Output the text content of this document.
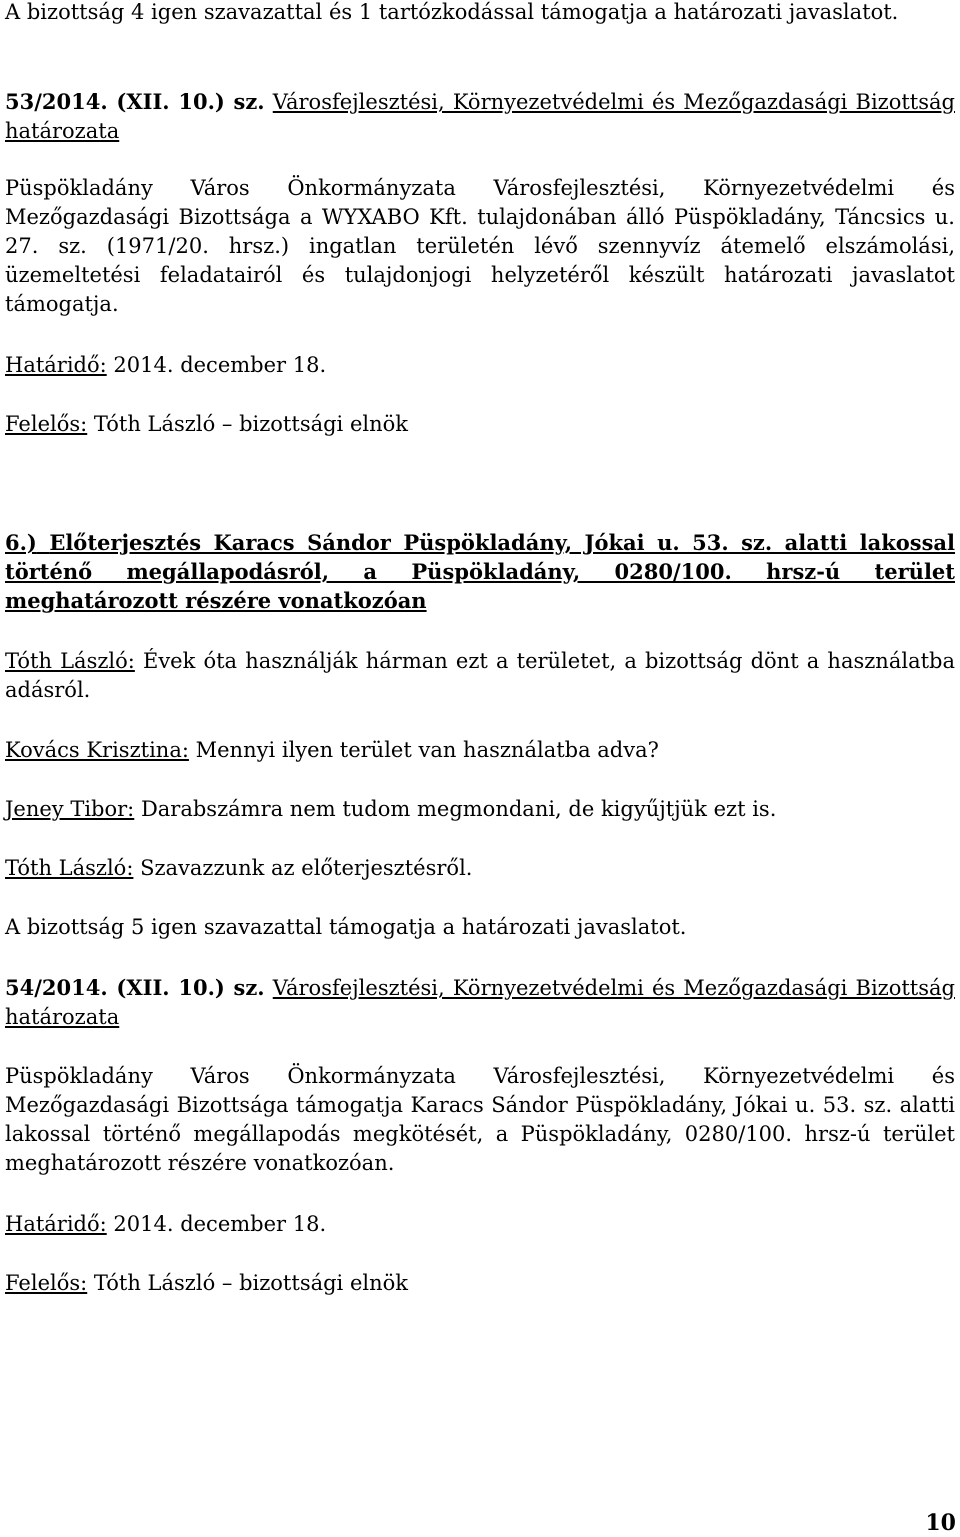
A bizottság 4 igen szavazattal és 1 tartózkodással támogatja a határozati javaslatot.

53/2014. (XII. 10.) sz. Városfejlesztési, Környezetvédelmi és Mezőgazdasági Bizottság határozata

Püspökladány Város Önkormányzata Városfejlesztési, Környezetvédelmi és Mezőgazdasági Bizottsága a WYXABO Kft. tulajdonában álló Püspökladány, Táncsics u. 27. sz. (1971/20. hrsz.) ingatlan területén lévő szennyvíz átemelő elszámolási, üzemeltetési feladatairól és tulajdonjogi helyzetéről készült határozati javaslatot támogatja.

Határidő: 2014. december 18.

Felelős: Tóth László – bizottsági elnök

6.) Előterjesztés Karacs Sándor Püspökladány, Jókai u. 53. sz. alatti lakossal történő megállapodásról, a Püspökladány, 0280/100. hrsz-ú terület meghatározott részére vonatkozóan

Tóth László: Évek óta használják hárman ezt a területet, a bizottság dönt a használatba adásról.

Kovács Krisztina: Mennyi ilyen terület van használatba adva?

Jeney Tibor: Darabszámra nem tudom megmondani, de kigyűjtjük ezt is.

Tóth László: Szavazzunk az előterjesztésről.

A bizottság 5 igen szavazattal támogatja a határozati javaslatot.

54/2014. (XII. 10.) sz. Városfejlesztési, Környezetvédelmi és Mezőgazdasági Bizottság határozata

Püspökladány Város Önkormányzata Városfejlesztési, Környezetvédelmi és Mezőgazdasági Bizottsága támogatja Karacs Sándor Püspökladány, Jókai u. 53. sz. alatti lakossal történő megállapodás megkötését, a Püspökladány, 0280/100. hrsz-ú terület meghatározott részére vonatkozóan.

Határidő: 2014. december 18.

Felelős: Tóth László – bizottsági elnök

10
